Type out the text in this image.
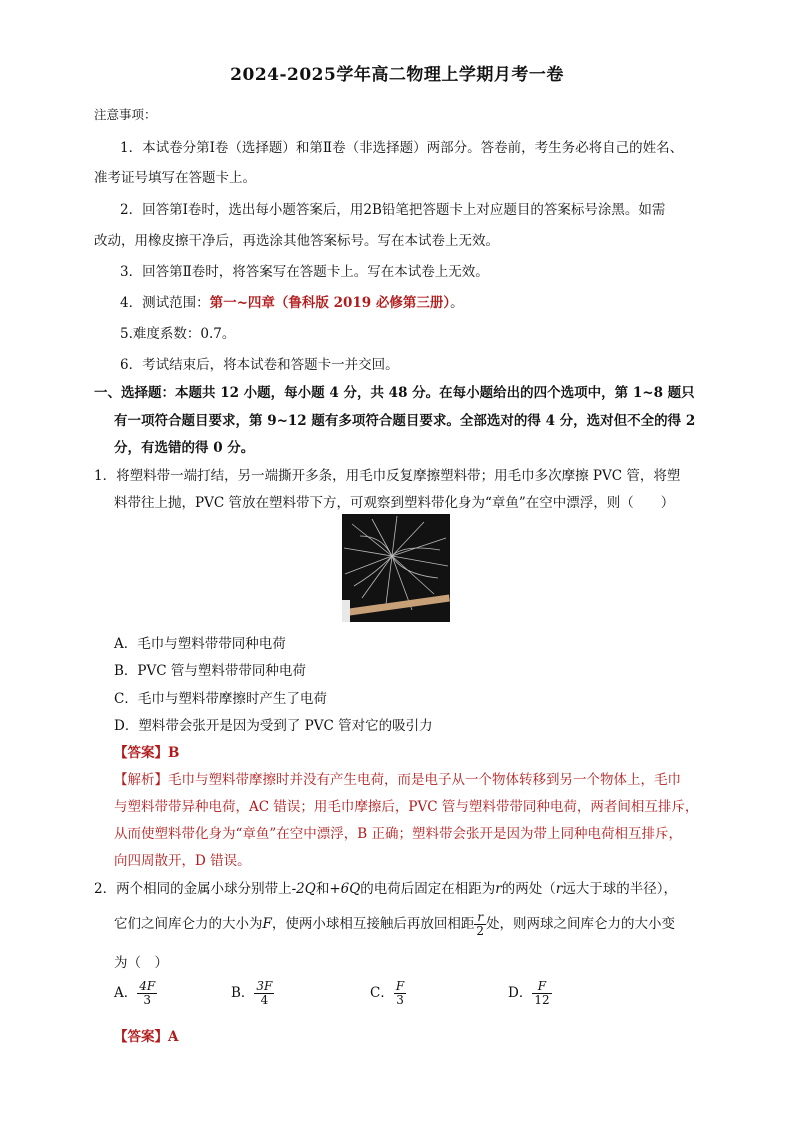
2024-2025学年高二物理上学期月考一卷
注意事项：
1．本试卷分第Ⅰ卷（选择题）和第Ⅱ卷（非选择题）两部分。答卷前，考生务必将自己的姓名、
准考证号填写在答题卡上。
2．回答第Ⅰ卷时，选出每小题答案后，用2B铅笔把答题卡上对应题目的答案标号涂黑。如需
改动，用橡皮擦干净后，再选涂其他答案标号。写在本试卷上无效。
3．回答第Ⅱ卷时，将答案写在答题卡上。写在本试卷上无效。
4．测试范围：第一~四章（鲁科版 2019 必修第三册）。
5.难度系数：0.7。
6．考试结束后，将本试卷和答题卡一并交回。
一、选择题：本题共 12 小题，每小题 4 分，共 48 分。在每小题给出的四个选项中，第 1~8 题只
有一项符合题目要求，第 9~12 题有多项符合题目要求。全部选对的得 4 分，选对但不全的得 2
分，有选错的得 0 分。
1．将塑料带一端打结，另一端撕开多条，用毛巾反复摩擦塑料带；用毛巾多次摩擦 PVC 管，将塑
料带往上抛，PVC 管放在塑料带下方，可观察到塑料带化身为“章鱼”在空中漂浮，则（　　）
A．毛巾与塑料带带同种电荷
B．PVC 管与塑料带带同种电荷
C．毛巾与塑料带摩擦时产生了电荷
D．塑料带会张开是因为受到了 PVC 管对它的吸引力
【答案】B
【解析】毛巾与塑料带摩擦时并没有产生电荷，而是电子从一个物体转移到另一个物体上，毛巾
与塑料带带异种电荷，AC 错误；用毛巾摩擦后，PVC 管与塑料带带同种电荷，两者间相互排斥，
从而使塑料带化身为“章鱼”在空中漂浮，B 正确；塑料带会张开是因为带上同种电荷相互排斥，
向四周散开，D 错误。
2．两个相同的金属小球分别带上-2Q和+6Q的电荷后固定在相距为r的两处（r远大于球的半径），
它们之间库仑力的大小为F，使两小球相互接触后再放回相距 $\frac{r}{2}$ 处，则两球之间库仑力的大小变
为（　）
A． $\frac{4F}{3}$	B． $\frac{3F}{4}$	C． $\frac{F}{3}$	D． $\frac{F}{12}$
【答案】A
